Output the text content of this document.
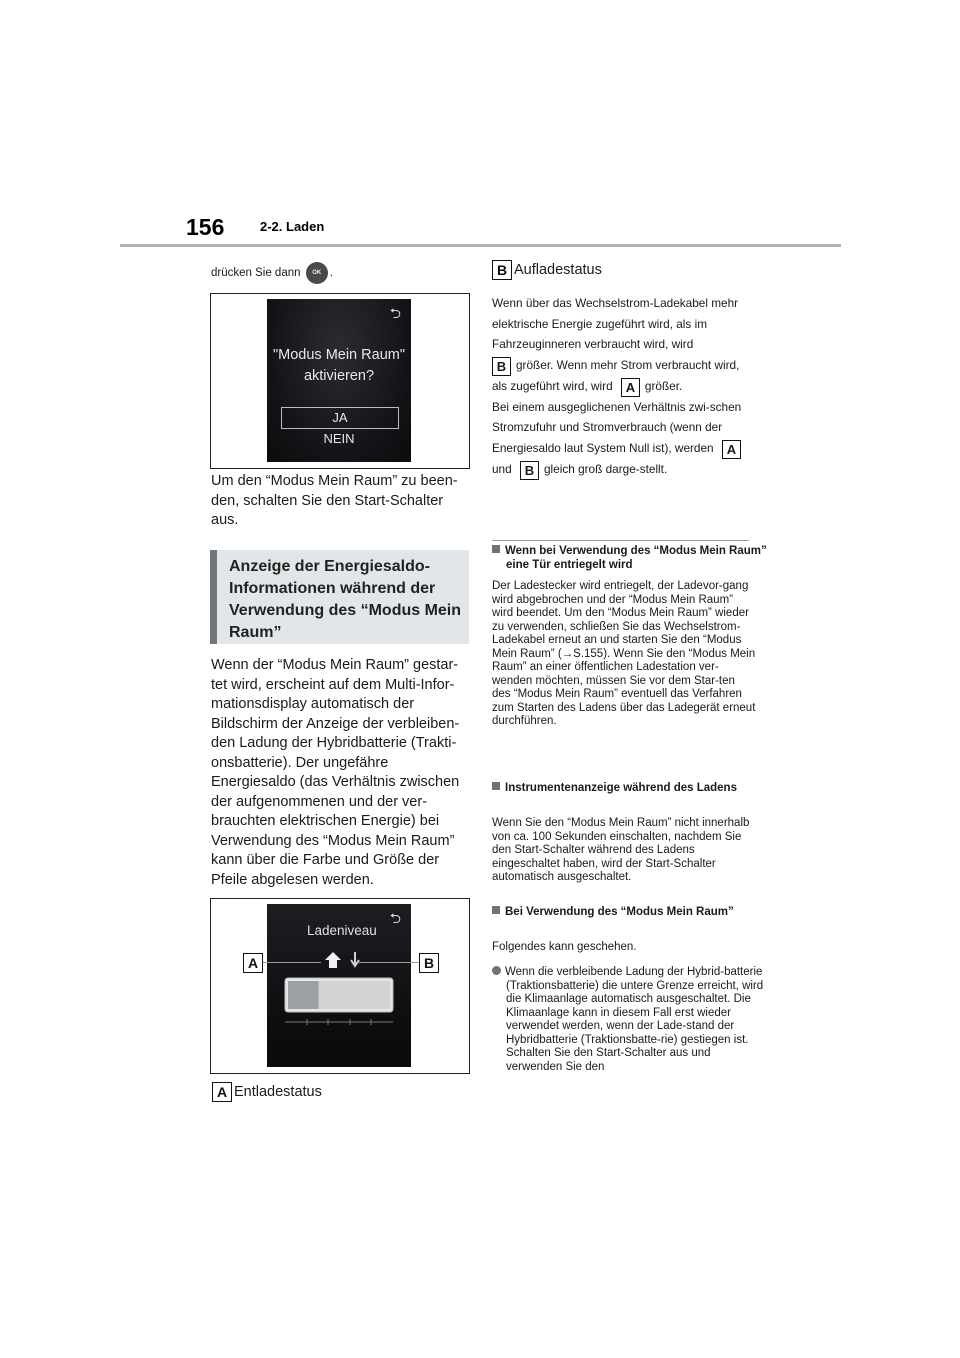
156	2-2. Laden
drücken Sie dann OK .
⮌
"Modus Mein Raum"
aktivieren?
JA
NEIN
Um den “Modus Mein Raum” zu been-den, schalten Sie den Start-Schalter aus.
Anzeige der Energiesaldo-Informationen während der Verwendung des “Modus Mein Raum”
Wenn der “Modus Mein Raum” gestar-tet wird, erscheint auf dem Multi-Infor-mationsdisplay automatisch der Bildschirm der Anzeige der verbleiben-den Ladung der Hybridbatterie (Trakti-onsbatterie). Der ungefähre Energiesaldo (das Verhältnis zwischen der aufgenommenen und der ver-brauchten elektrischen Energie) bei Verwendung des “Modus Mein Raum” kann über die Farbe und Größe der Pfeile abgelesen werden.
⮌
Ladeniveau
A	B
A Entladestatus
B Aufladestatus
Wenn über das Wechselstrom-Ladekabel mehr elektrische Energie zugeführt wird, als im Fahrzeuginneren verbraucht wird, wird
B größer. Wenn mehr Strom verbraucht wird, als zugeführt wird, wird A größer.
Bei einem ausgeglichenen Verhältnis zwi-schen Stromzufuhr und Stromverbrauch (wenn der Energiesaldo laut System Null ist), werden Aund B gleich groß darge-stellt.
Wenn bei Verwendung des “Modus Mein Raum” eine Tür entriegelt wird
Der Ladestecker wird entriegelt, der Ladevor-gang wird abgebrochen und der “Modus Mein Raum” wird beendet. Um den “Modus Mein Raum” wieder zu verwenden, schließen Sie das Wechselstrom-Ladekabel erneut an und starten Sie den “Modus Mein Raum” (→S.155). Wenn Sie den “Modus Mein Raum” an einer öffentlichen Ladestation ver-wenden möchten, müssen Sie vor dem Star-ten des “Modus Mein Raum” eventuell das Verfahren zum Starten des Ladens über das Ladegerät erneut durchführen.
Instrumentenanzeige während des Ladens
Wenn Sie den “Modus Mein Raum” nicht innerhalb von ca. 100 Sekunden einschalten, nachdem Sie den Start-Schalter während des Ladens eingeschaltet haben, wird der Start-Schalter automatisch ausgeschaltet.
Bei Verwendung des “Modus Mein Raum”
Folgendes kann geschehen.
Wenn die verbleibende Ladung der Hybrid-batterie (Traktionsbatterie) die untere Grenze erreicht, wird die Klimaanlage automatisch ausgeschaltet. Die Klimaanlage kann in diesem Fall erst wieder verwendet werden, wenn der Lade-stand der Hybridbatterie (Traktionsbatte-rie) gestiegen ist. Schalten Sie den Start-Schalter aus und verwenden Sie den
